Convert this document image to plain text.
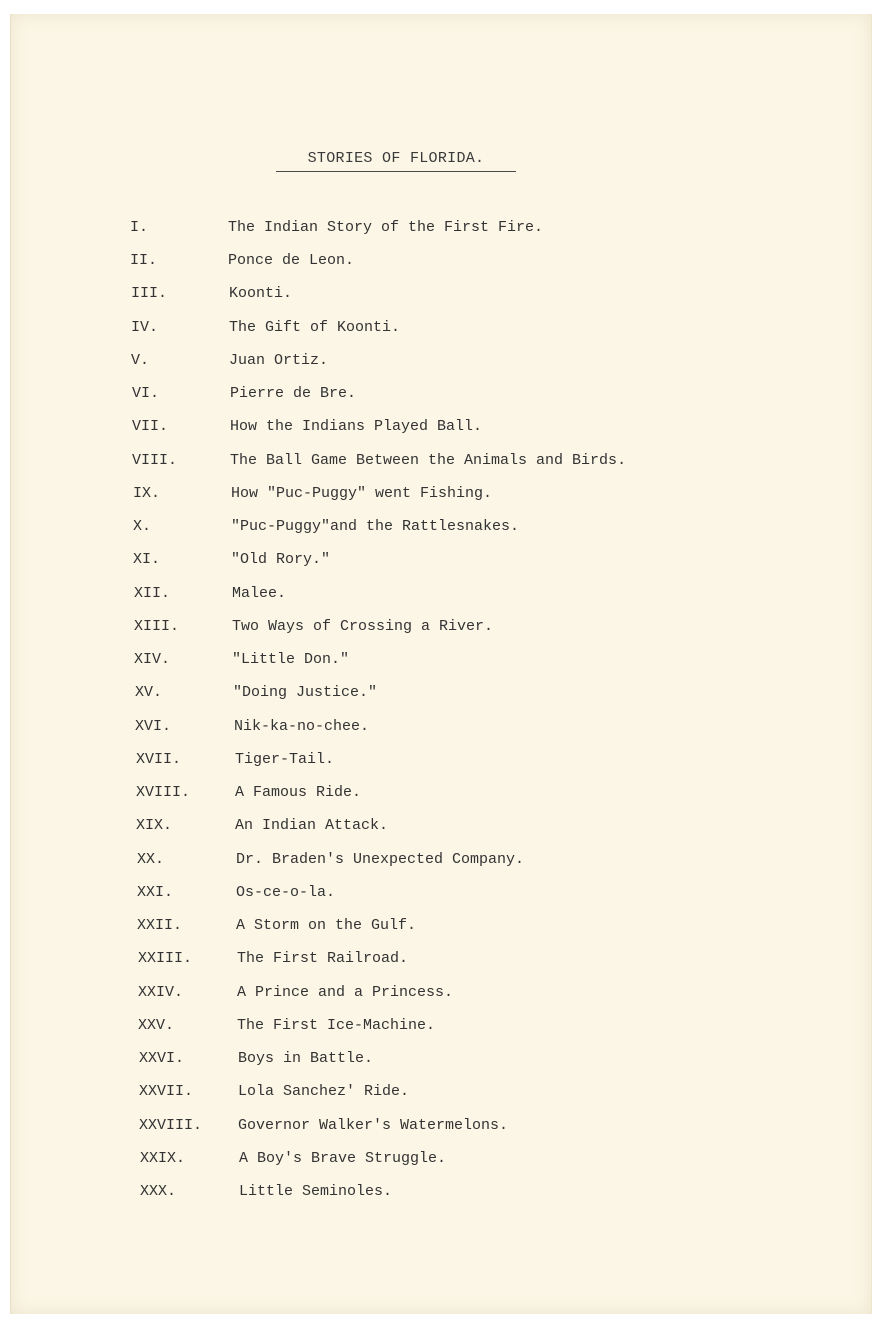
STORIES OF FLORIDA.
I.	The Indian Story of the First Fire.
II.	Ponce de Leon.
III.	Koonti.
IV.	The Gift of Koonti.
V.	Juan Ortiz.
VI.	Pierre de Bre.
VII.	How the Indians Played Ball.
VIII.	The Ball Game Between the Animals and Birds.
IX.	How "Puc-Puggy" went Fishing.
X.	"Puc-Puggy"and the Rattlesnakes.
XI.	"Old Rory."
XII.	Malee.
XIII.	Two Ways of Crossing a River.
XIV.	"Little Don."
XV.	"Doing Justice."
XVI.	Nik-ka-no-chee.
XVII.	Tiger-Tail.
XVIII.	A Famous Ride.
XIX.	An Indian Attack.
XX.	Dr. Braden's Unexpected Company.
XXI.	Os-ce-o-la.
XXII.	A Storm on the Gulf.
XXIII.	The First Railroad.
XXIV.	A Prince and a Princess.
XXV.	The First Ice-Machine.
XXVI.	Boys in Battle.
XXVII.	Lola Sanchez' Ride.
XXVIII. Governor Walker's Watermelons.
XXIX.	A Boy's Brave Struggle.
XXX.	Little Seminoles.
